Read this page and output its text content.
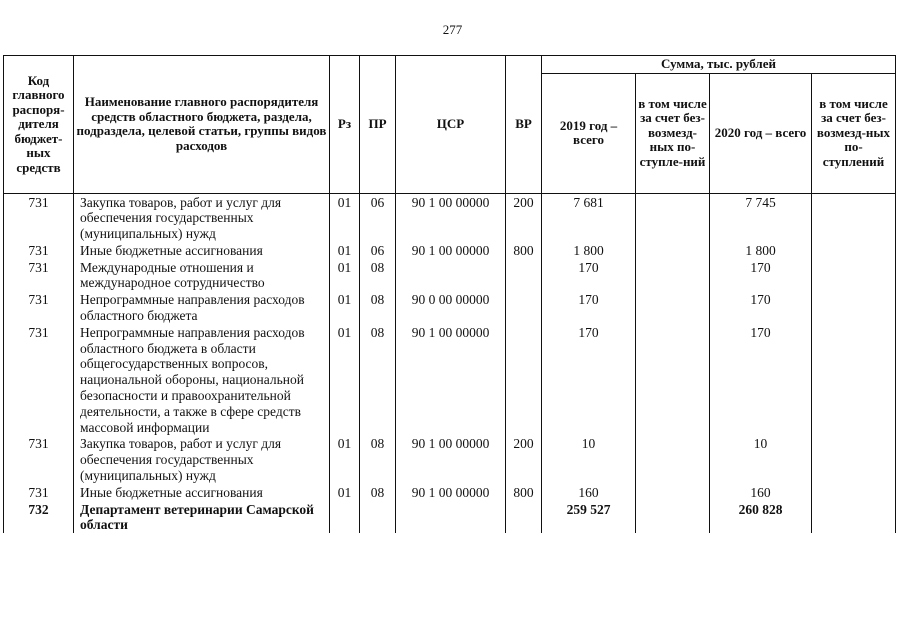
277
Код главного распоря-дителя бюджет-ных средств	Наименование главного распорядителя средств областного бюджета, раздела, подраздела, целевой статьи, группы видов расходов	Рз	ПР	ЦСР	ВР	Сумма, тыс. рублей			
						2019 год – всего	в том числе за счет без-возмезд-ных по-ступле-ний	2020 год – всего	в том числе за счет без-возмезд-ных по-ступлений
731	Закупка товаров, работ и услуг для обеспечения государственных (муниципальных) нужд	01	06	90 1 00 00000	200	7 681		7 745	
731	Иные бюджетные ассигнования	01	06	90 1 00 00000	800	1 800		1 800	
731	Международные отношения и международное сотрудничество	01	08			170		170	
731	Непрограммные направления расходов областного бюджета	01	08	90 0 00 00000		170		170	
731	Непрограммные направления расходов областного бюджета в области общегосударственных вопросов, национальной обороны, национальной безопасности и правоохранительной деятельности, а также в сфере средств массовой информации	01	08	90 1 00 00000		170		170	
731	Закупка товаров, работ и услуг для обеспечения государственных (муниципальных) нужд	01	08	90 1 00 00000	200	10		10	
731	Иные бюджетные ассигнования	01	08	90 1 00 00000	800	160		160	
732	Департамент ветеринарии Самарской области					259 527		260 828	
